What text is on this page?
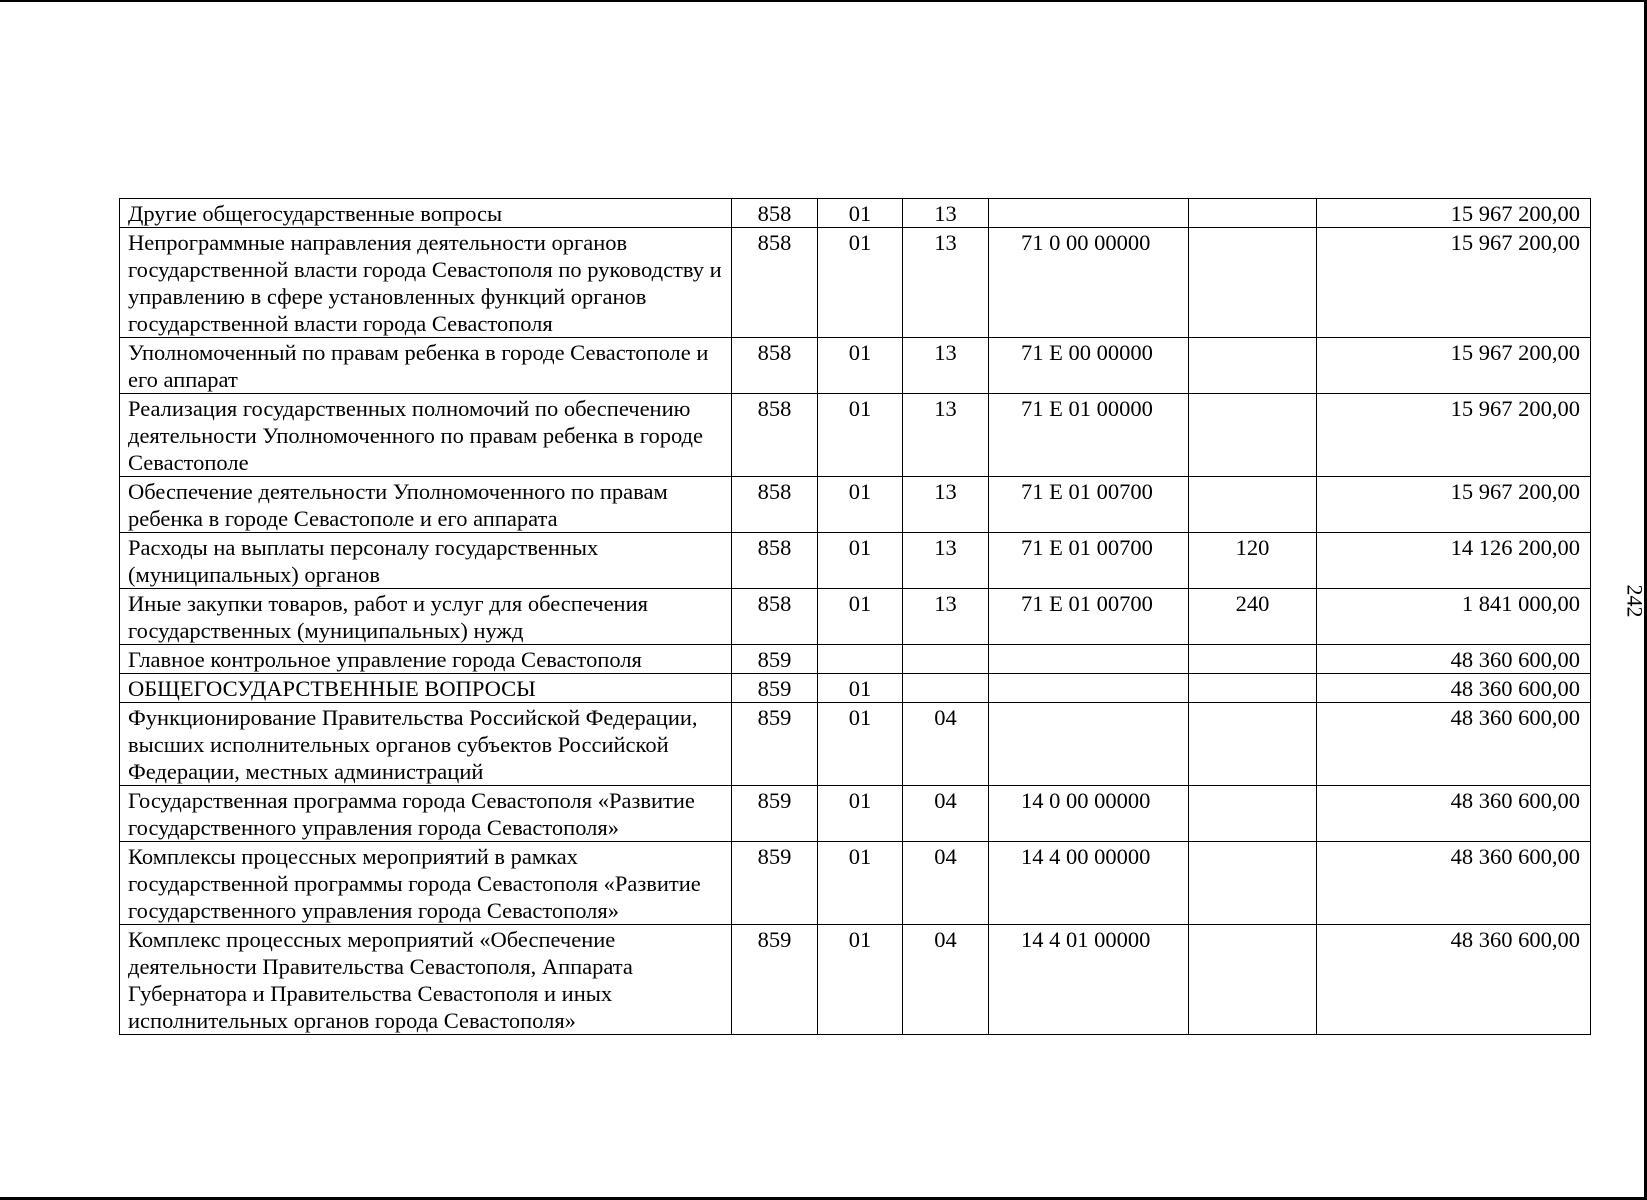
Другие общегосударственные вопросы	858	01	13			15 967 200,00
Непрограммные направления деятельности органов государственной власти города Севастополя по руководству и управлению в сфере установленных функций органов государственной власти города Севастополя	858	01	13	71 0 00 00000		15 967 200,00
Уполномоченный по правам ребенка в городе Севастополе и его аппарат	858	01	13	71 Е 00 00000		15 967 200,00
Реализация государственных полномочий по обеспечению деятельности Уполномоченного по правам ребенка в городе Севастополе	858	01	13	71 Е 01 00000		15 967 200,00
Обеспечение деятельности Уполномоченного по правам ребенка в городе Севастополе и его аппарата	858	01	13	71 Е 01 00700		15 967 200,00
Расходы на выплаты персоналу государственных (муниципальных) органов	858	01	13	71 Е 01 00700	120	14 126 200,00
Иные закупки товаров, работ и услуг для обеспечения государственных (муниципальных) нужд	858	01	13	71 Е 01 00700	240	1 841 000,00
Главное контрольное управление города Севастополя	859					48 360 600,00
ОБЩЕГОСУДАРСТВЕННЫЕ ВОПРОСЫ	859	01				48 360 600,00
Функционирование Правительства Российской Федерации, высших исполнительных органов субъектов Российской Федерации, местных администраций	859	01	04			48 360 600,00
Государственная программа города Севастополя «Развитие государственного управления города Севастополя»	859	01	04	14 0 00 00000		48 360 600,00
Комплексы процессных мероприятий в рамках государственной программы города Севастополя «Развитие государственного управления города Севастополя»	859	01	04	14 4 00 00000		48 360 600,00
Комплекс процессных мероприятий «Обеспечение деятельности Правительства Севастополя, Аппарата Губернатора и Правительства Севастополя и иных исполнительных органов города Севастополя»	859	01	04	14 4 01 00000		48 360 600,00
242
